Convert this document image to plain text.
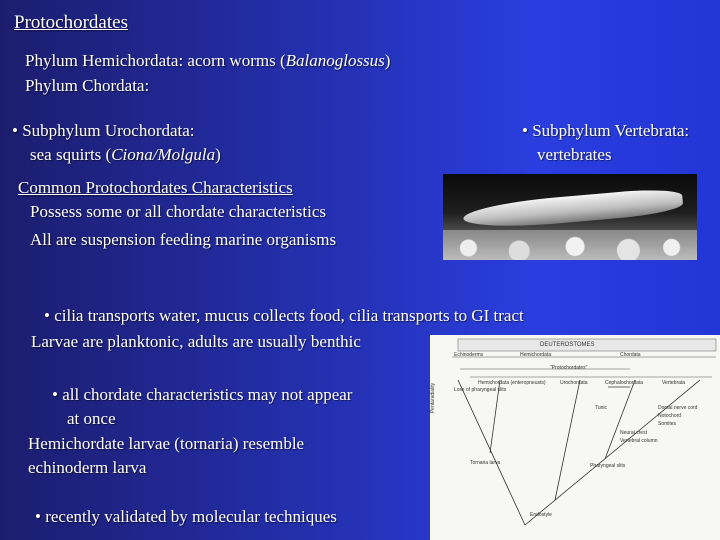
Protochordates
Phylum Hemichordata: acorn worms (Balanoglossus)
Phylum Chordata:
• Subphylum Urochordata:
sea squirts (Ciona/Molgula)
• Subphylum Vertebrata:
vertebrates
Common Protochordates Characteristics
Possess some or all chordate characteristics
All are suspension feeding marine organisms
• cilia transports water, mucus collects food, cilia transports to GI tract
Larvae are planktonic, adults are usually benthic
• all chordate characteristics may not appear
at once
Hemichordate larvae (tornaria) resemble
echinoderm larva
• recently validated by molecular techniques
DEUTEROSTOMES
Echinoderms	Hemichordata	Chordata
"Protochordates"
Hemichordata (enteropneusts)	Urochordata	Cephalochordata	Vertebrata
Pentaradiality	Loss of pharyngeal slits
Dorsal nerve cord
Tunic
Notochord
Somites
Neural crest
Vertebral column
Tornaria larva	Pharyngeal slits
Endostyle
